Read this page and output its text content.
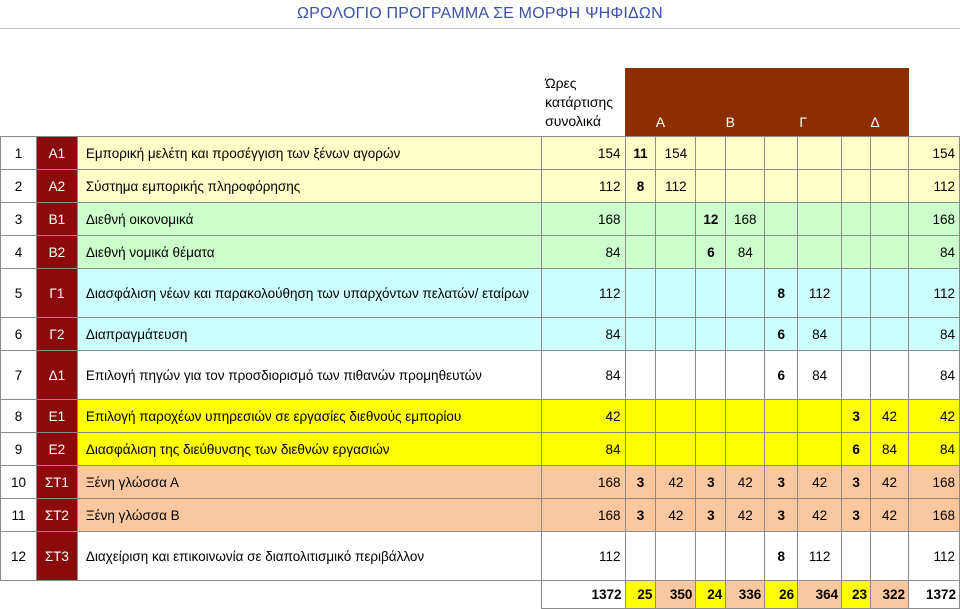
ΩΡΟΛΟΓΙΟ ΠΡΟΓΡΑΜΜΑ ΣΕ ΜΟΡΦΗ ΨΗΦΙΔΩΝ
			Ώρες κατάρτισης συνολικά	Α		Β		Γ		Δ		
1	Α1	Εμπορική μελέτη και προσέγγιση των ξένων αγορών	154	11	154							154
2	Α2	Σύστημα εμπορικής πληροφόρησης	112	8	112							112
3	Β1	Διεθνή οικονομικά	168			12	168					168
4	Β2	Διεθνή νομικά θέματα	84			6	84					84
5	Γ1	Διασφάλιση νέων και παρακολούθηση των υπαρχόντων πελατών/ εταίρων	112					8	112			112
6	Γ2	Διαπραγμάτευση	84					6	84			84
7	Δ1	Επιλογή πηγών για τον προσδιορισμό των πιθανών προμηθευτών	84					6	84			84
8	Ε1	Επιλογή παροχέων υπηρεσιών σε εργασίες διεθνούς εμπορίου	42							3	42	42
9	Ε2	Διασφάλιση της διεύθυνσης των διεθνών εργασιών	84							6	84	84
10	ΣΤ1	Ξένη γλώσσα Α	168	3	42	3	42	3	42	3	42	168
11	ΣΤ2	Ξένη γλώσσα Β	168	3	42	3	42	3	42	3	42	168
12	ΣΤ3	Διαχείριση και επικοινωνία σε διαπολιτισμικό περιβάλλον	112					8	112			112
			1372	25	350	24	336	26	364	23	322	1372
